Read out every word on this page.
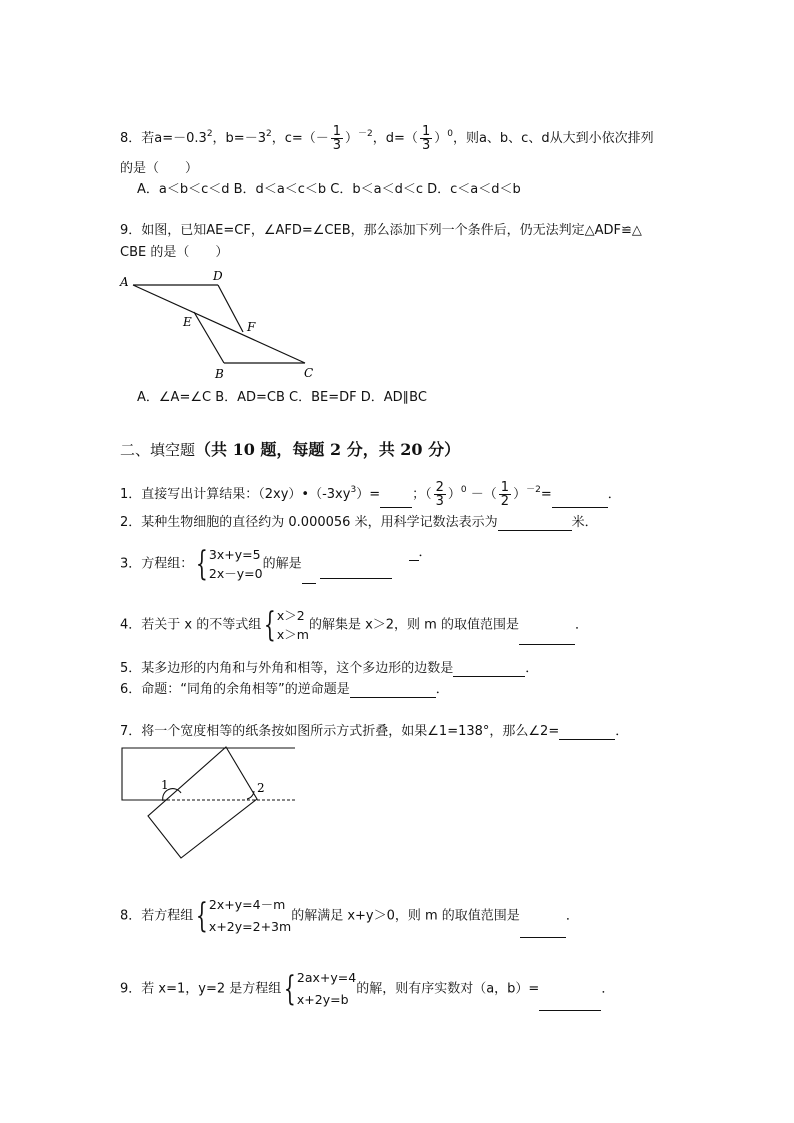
8．若$a=-0.3^2$，$b=-3^2$，$c=(- \frac{1}{3} )^{-2}$，$d=( \frac{1}{3} )^0$，则a、b、c、d从大到小依次排列
的是（　　）
A．a＜b＜c＜d B．d＜a＜c＜b C．b＜a＜d＜c D．c＜a＜d＜b
9．如图，已知AE=CF，∠AFD=∠CEB，那么添加下列一个条件后，仍无法判定△ADF≌△
CBE 的是（　　）
A	D
E	F
B	C
A．∠A=∠C B．AD=CB C．BE=DF D．AD∥BC
二、填空题（共 10 题，每题 2 分，共 20 分）
1．直接写出计算结果：$(2xy)•(-3xy^3)=$ ；（ $\frac{2}{3} )^0$ －（ $\frac{1}{2} )^{-2}=$	．
2．某种生物细胞的直径约为 0.000056 米，用科学记数法表示为	米．
3．方程组：{ 3x+y=5
2x－y=0
的解是
．
4．若关于 x 的不等式组{ x＞2
x＞m
的解集是 x＞2，则 m 的取值范围是	．
5．某多边形的内角和与外角和相等，这个多边形的边数是	．
6．命题：“同角的余角相等”的逆命题是	．
7．将一个宽度相等的纸条按如图所示方式折叠，如果∠1=138°，那么∠2=	．
1	2
8．若方程组{ 2x+y=4－m
x+2y=2+3m
的解满足 x+y＞0，则 m 的取值范围是	．
9．若 x=1，y=2 是方程组{ 2ax+y=4
x+2y=b
的解，则有序实数对（a，b）=	．
